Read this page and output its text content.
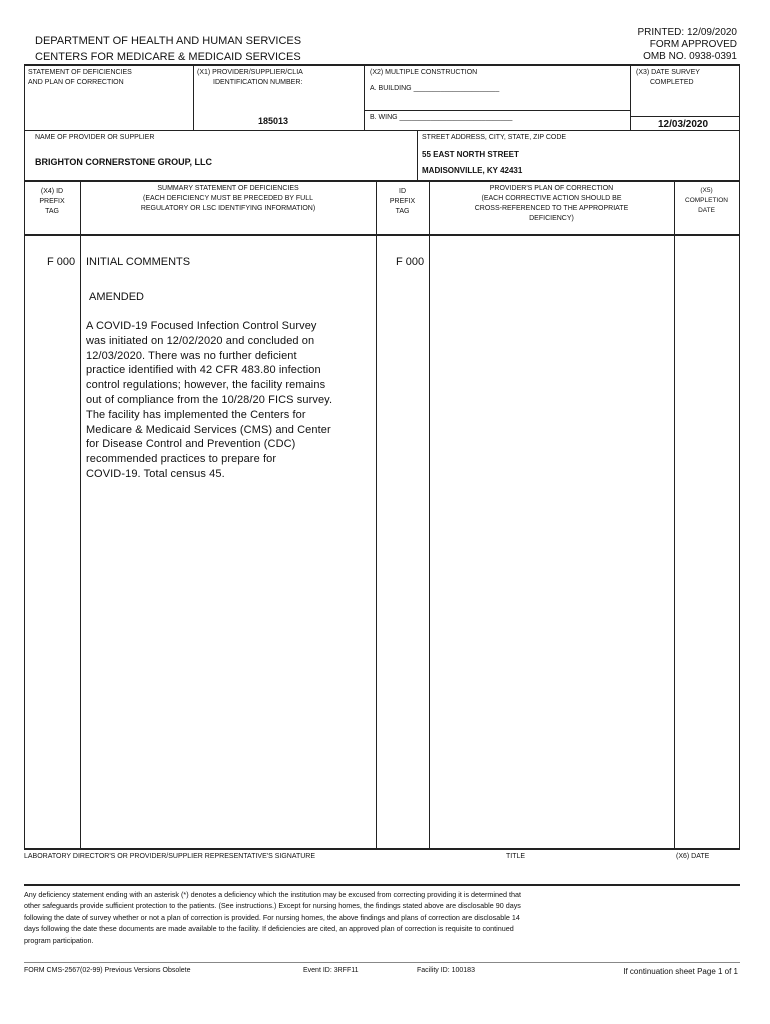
DEPARTMENT OF HEALTH AND HUMAN SERVICES
CENTERS FOR MEDICARE & MEDICAID SERVICES
PRINTED: 12/09/2020
FORM APPROVED
OMB NO. 0938-0391
STATEMENT OF DEFICIENCIES
AND PLAN OF CORRECTION
(X1) PROVIDER/SUPPLIER/CLIA
IDENTIFICATION NUMBER:
185013
(X2) MULTIPLE CONSTRUCTION
A. BUILDING ______________________
B. WING _____________________________
(X3) DATE SURVEY
COMPLETED
12/03/2020
NAME OF PROVIDER OR SUPPLIER
BRIGHTON CORNERSTONE GROUP, LLC
STREET ADDRESS, CITY, STATE, ZIP CODE
55 EAST NORTH STREET
MADISONVILLE, KY 42431
(X4) ID
PREFIX
TAG
SUMMARY STATEMENT OF DEFICIENCIES
(EACH DEFICIENCY MUST BE PRECEDED BY FULL
REGULATORY OR LSC IDENTIFYING INFORMATION)
ID
PREFIX
TAG
PROVIDER'S PLAN OF CORRECTION
(EACH CORRECTIVE ACTION SHOULD BE
CROSS-REFERENCED TO THE APPROPRIATE
DEFICIENCY)
(X5)
COMPLETION
DATE
F 000 INITIAL COMMENTS
AMENDED
F 000
A COVID-19 Focused Infection Control Survey
was initiated on 12/02/2020 and concluded on
12/03/2020. There was no further deficient
practice identified with 42 CFR 483.80 infection
control regulations; however, the facility remains
out of compliance from the 10/28/20 FICS survey.
The facility has implemented the Centers for
Medicare & Medicaid Services (CMS) and Center
for Disease Control and Prevention (CDC)
recommended practices to prepare for
COVID-19. Total census 45.
LABORATORY DIRECTOR'S OR PROVIDER/SUPPLIER REPRESENTATIVE'S SIGNATURE	TITLE	(X6) DATE
Any deficiency statement ending with an asterisk (*) denotes a deficiency which the institution may be excused from correcting providing it is determined that
other safeguards provide sufficient protection to the patients. (See instructions.) Except for nursing homes, the findings stated above are disclosable 90 days
following the date of survey whether or not a plan of correction is provided. For nursing homes, the above findings and plans of correction are disclosable 14
days following the date these documents are made available to the facility. If deficiencies are cited, an approved plan of correction is requisite to continued
program participation.
FORM CMS-2567(02-99) Previous Versions Obsolete	Event ID: 3RFF11	Facility ID: 100183	If continuation sheet Page 1 of 1
